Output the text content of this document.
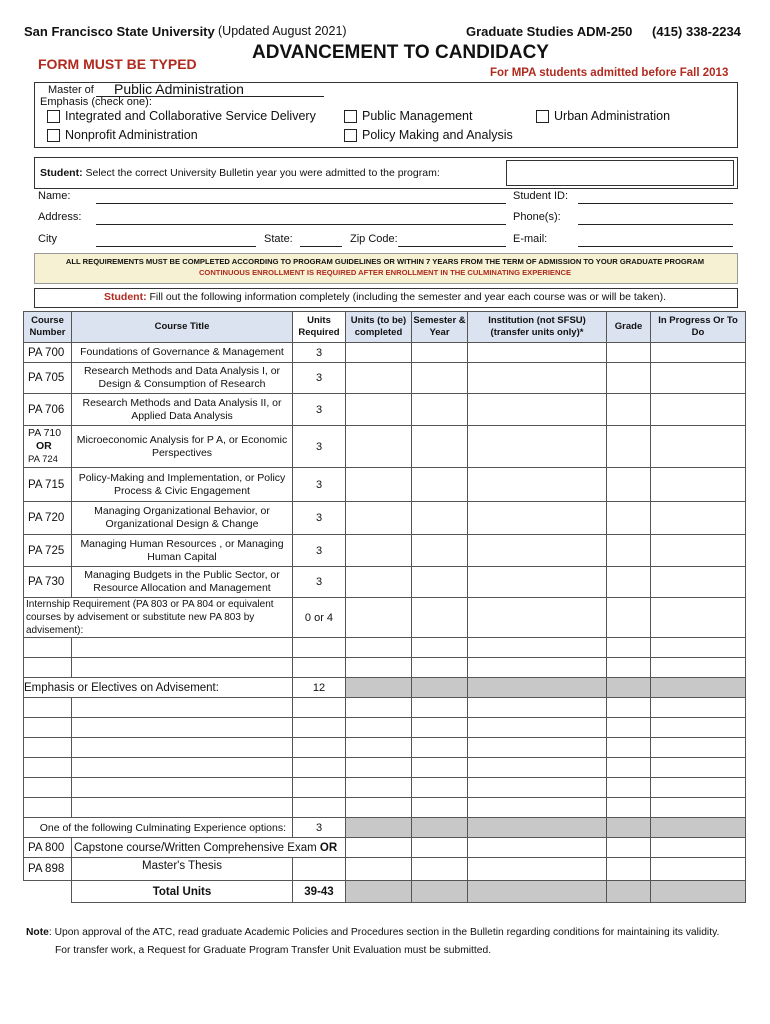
San Francisco State University (Updated August 2021)	Graduate Studies ADM-250 (415) 338-2234
ADVANCEMENT TO CANDIDACY
FORM MUST BE TYPED
For MPA students admitted before Fall 2013
Master of Public Administration
Emphasis (check one):
Integrated and Collaborative Service Delivery	Public Management	Urban Administration
Nonprofit Administration	Policy Making and Analysis
Student: Select the correct University Bulletin year you were admitted to the program:
Name:	Student ID:
Address:	Phone(s):
City	State:	Zip Code:	E-mail:
ALL REQUIREMENTS MUST BE COMPLETED ACCORDING TO PROGRAM GUIDELINES OR WITHIN 7 YEARS FROM THE TERM OF ADMISSION TO YOUR GRADUATE PROGRAM
CONTINUOUS ENROLLMENT IS REQUIRED AFTER ENROLLMENT IN THE CULMINATING EXPERIENCE
Student: Fill out the following information completely (including the semester and year each course was or will be taken).
Course Number	Course Title	Units Required	Units (to be) completed	Semester & Year	Institution (not SFSU) (transfer units only)*	Grade	In Progress Or To Do
PA 700	Foundations of Governance & Management	3					
PA 705	Research Methods and Data Analysis I, or Design & Consumption of Research	3					
PA 706	Research Methods and Data Analysis II, or Applied Data Analysis	3					

PA 710
OR
PA 724	Microeconomic Analysis for P A, or Economic Perspectives	3					
PA 715	Policy-Making and Implementation, or Policy Process & Civic Engagement	3					
PA 720	Managing Organizational Behavior, or Organizational Design & Change	3					
PA 725	Managing Human Resources , or Managing Human Capital	3					
PA 730	Managing Budgets in the Public Sector, or Resource Allocation and Management	3					
Internship Requirement (PA 803 or PA 804 or equivalent courses by advisement or substitute new PA 803 by advisement):		0 or 4					

Emphasis or Electives on Advisement:		12					

One of the following Culminating Experience options:		3					
PA 800	Capstone course/Written Comprehensive Exam OR						
PA 898	Master's Thesis						
	Total Units	39-43					
Note: Upon approval of the ATC, read graduate Academic Policies and Procedures section in the Bulletin regarding conditions for maintaining its validity.
For transfer work, a Request for Graduate Program Transfer Unit Evaluation must be submitted.
